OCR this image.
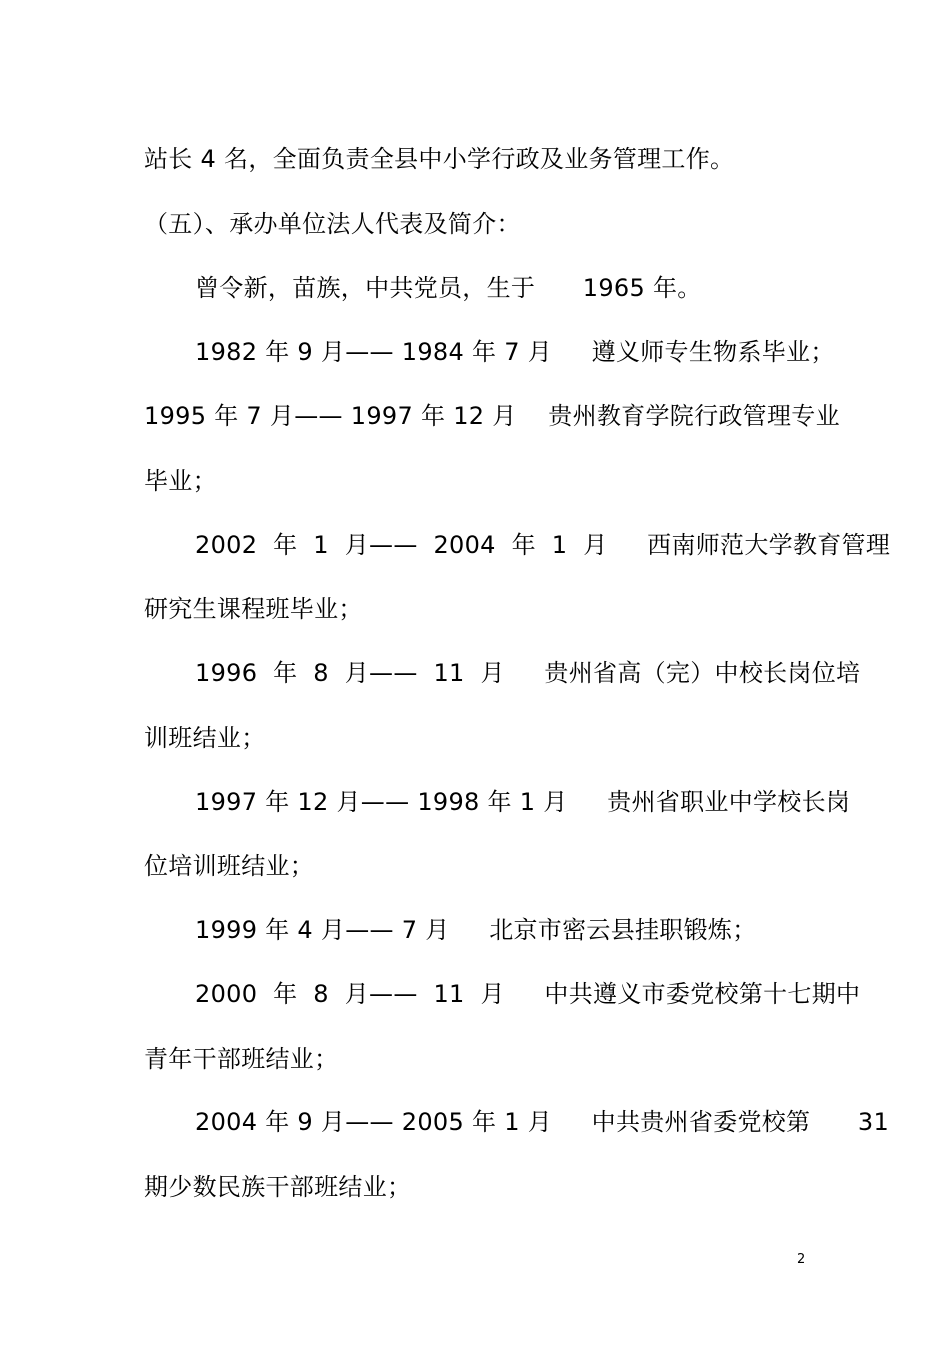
站长 4 名，全面负责全县中小学行政及业务管理工作。
（五）、承办单位法人代表及简介：
曾令新，苗族，中共党员，生于      1965 年。
1982 年 9 月—— 1984 年 7 月     遵义师专生物系毕业；
1995 年 7 月—— 1997 年 12 月    贵州教育学院行政管理专业
毕业；
2002  年  1  月——  2004  年  1  月     西南师范大学教育管理
研究生课程班毕业；
1996  年  8  月——  11  月     贵州省高（完）中校长岗位培
训班结业；
1997 年 12 月—— 1998 年 1 月     贵州省职业中学校长岗
位培训班结业；
1999 年 4 月—— 7 月     北京市密云县挂职锻炼；
2000  年  8  月——  11  月     中共遵义市委党校第十七期中
青年干部班结业；
2004 年 9 月—— 2005 年 1 月     中共贵州省委党校第      31
期少数民族干部班结业；
2
